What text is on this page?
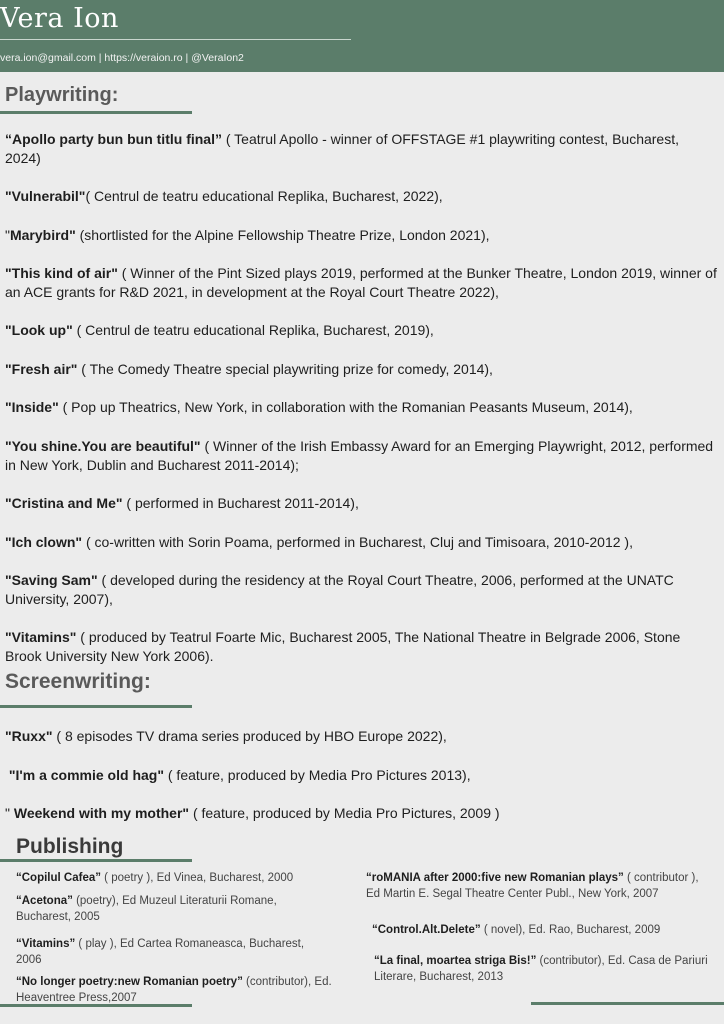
Vera Ion
vera.ion@gmail.com | https://veraion.ro | @VeraIon2
Playwriting:
“Apollo party bun bun titlu final” ( Teatrul Apollo - winner of OFFSTAGE #1 playwriting contest, Bucharest, 2024)
"Vulnerabil"( Centrul de teatru educational Replika, Bucharest, 2022),
"Marybird" (shortlisted for the Alpine Fellowship Theatre Prize, London 2021),
"This kind of air" ( Winner of the Pint Sized plays 2019, performed at the Bunker Theatre, London 2019, winner of an ACE grants for R&D 2021, in development at the Royal Court Theatre 2022),
"Look up" ( Centrul de teatru educational Replika, Bucharest, 2019),
"Fresh air" ( The Comedy Theatre special playwriting prize for comedy, 2014),
"Inside" ( Pop up Theatrics, New York, in collaboration with the Romanian Peasants Museum, 2014),
"You shine.You are beautiful" ( Winner of the Irish Embassy Award for an Emerging Playwright, 2012, performed in New York, Dublin and Bucharest 2011-2014);
"Cristina and Me" ( performed in Bucharest 2011-2014),
"Ich clown" ( co-written with Sorin Poama, performed in Bucharest, Cluj and Timisoara, 2010-2012 ),
"Saving Sam" ( developed during the residency at the Royal Court Theatre, 2006, performed at the UNATC University, 2007),
"Vitamins" ( produced by Teatrul Foarte Mic, Bucharest 2005, The National Theatre in Belgrade 2006, Stone Brook University New York 2006).
Screenwriting:
"Ruxx" ( 8 episodes TV drama series produced by HBO Europe 2022),
"I'm a commie old hag" ( feature, produced by Media Pro Pictures 2013),
" Weekend with my mother" ( feature, produced by Media Pro Pictures, 2009 )
Publishing
“Copilul Cafea” ( poetry ), Ed Vinea, Bucharest, 2000
“Acetona” (poetry), Ed Muzeul Literaturii Romane, Bucharest, 2005
“Vitamins” ( play ), Ed Cartea Romaneasca, Bucharest, 2006
“No longer poetry:new Romanian poetry” (contributor), Ed. Heaventree Press,2007
“roMANIA after 2000:five new Romanian plays” ( contributor ), Ed Martin E. Segal Theatre Center Publ., New York, 2007
“Control.Alt.Delete” ( novel), Ed. Rao, Bucharest, 2009
“La final, moartea striga Bis!” (contributor), Ed. Casa de Pariuri Literare, Bucharest, 2013
